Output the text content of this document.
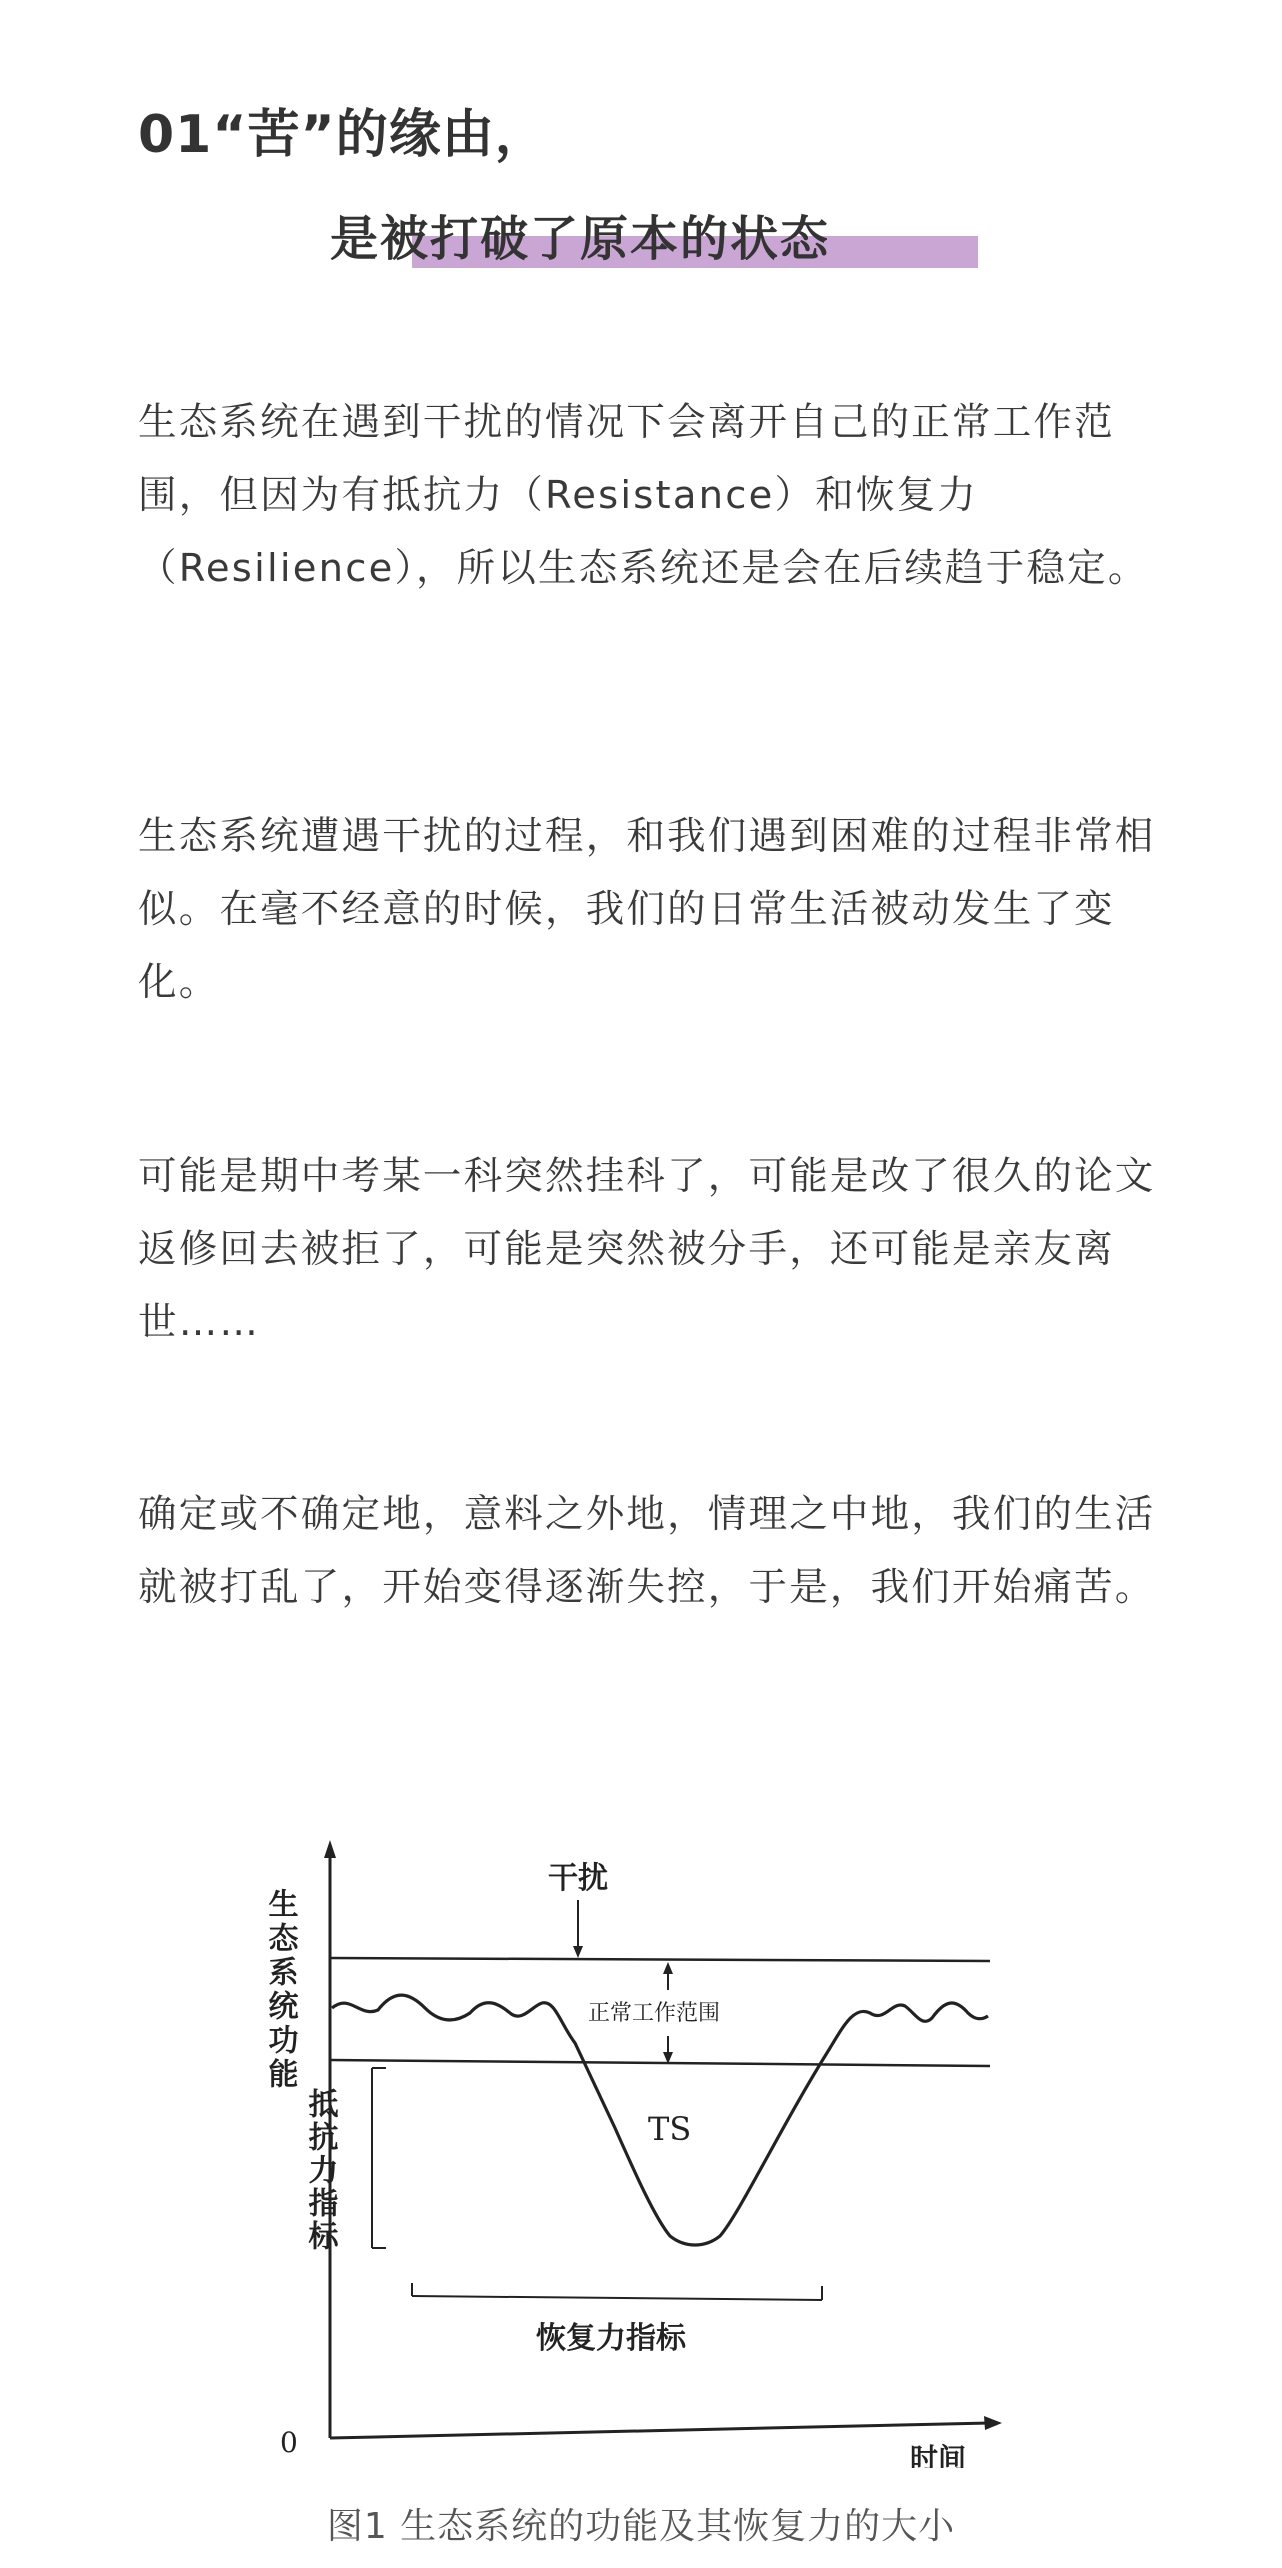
01“苦”的缘由，
是被打破了原本的状态

生态系统在遇到干扰的情况下会离开自己的正常工作范围，但因为有抵抗力（Resistance）和恢复力（Resilience），所以生态系统还是会在后续趋于稳定。

生态系统遭遇干扰的过程，和我们遇到困难的过程非常相似。在毫不经意的时候，我们的日常生活被动发生了变化。

可能是期中考某一科突然挂科了，可能是改了很久的论文返修回去被拒了，可能是突然被分手，还可能是亲友离世……

确定或不确定地，意料之外地，情理之中地，我们的生活就被打乱了，开始变得逐渐失控，于是，我们开始痛苦。

生态系统功能
干扰
正常工作范围
TS
抵抗力指标
恢复力指标
0	时间
图1 生态系统的功能及其恢复力的大小
